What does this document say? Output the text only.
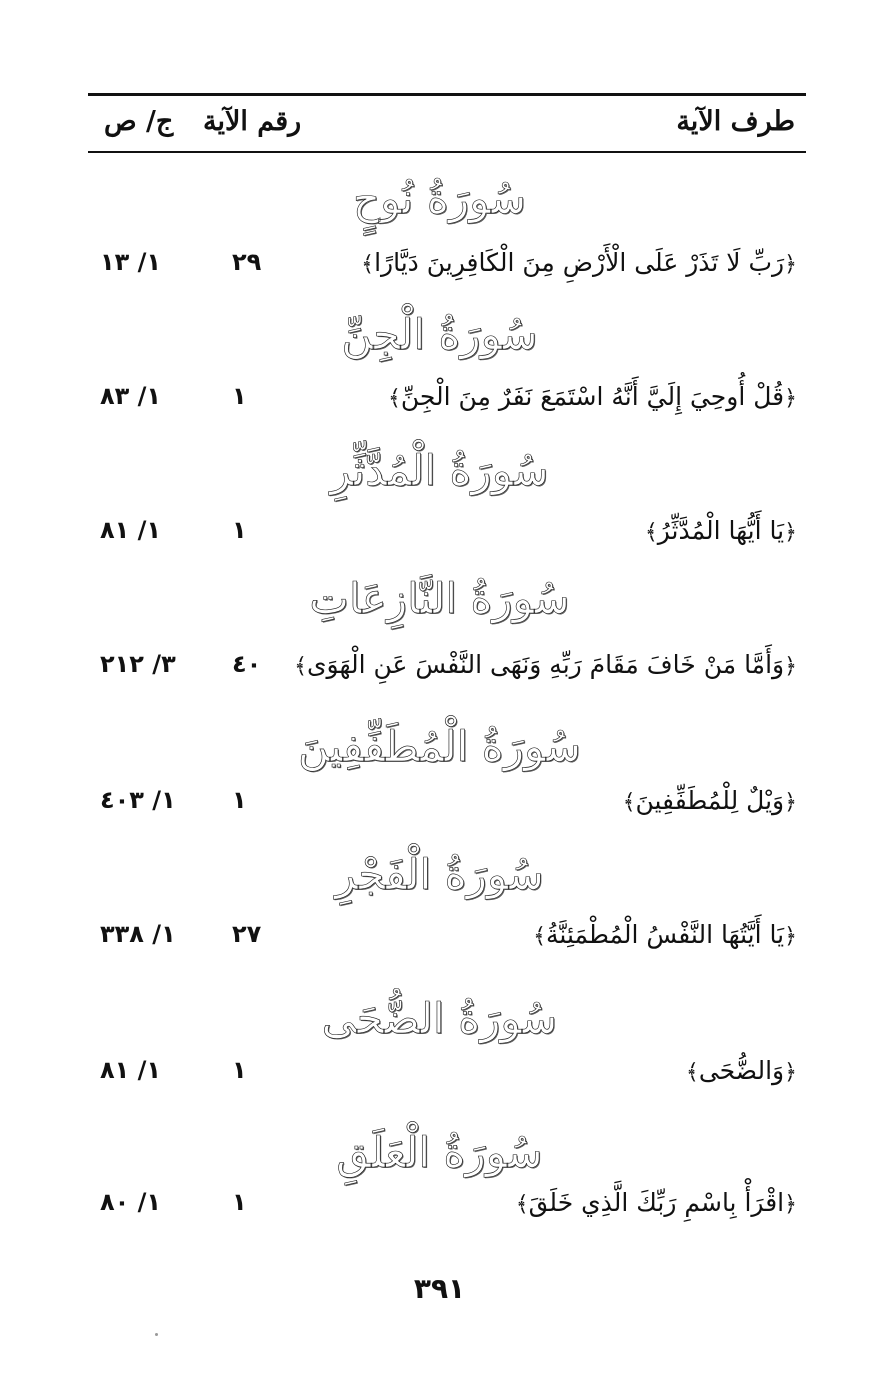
طرف الآية
رقم الآية
ج/ ص
سُورَةُ نُوحٍ
﴿رَبِّ لَا تَذَرْ عَلَى الْأَرْضِ مِنَ الْكَافِرِينَ دَيَّارًا﴾
٢٩
١/ ١٣
سُورَةُ الْجِنِّ
﴿قُلْ أُوحِيَ إِلَيَّ أَنَّهُ اسْتَمَعَ نَفَرٌ مِنَ الْجِنِّ﴾
١
١/ ٨٣
سُورَةُ الْمُدَّثِّرِ
﴿يَا أَيُّهَا الْمُدَّثِّرُ﴾
١
١/ ٨١
سُورَةُ النَّازِعَاتِ
﴿وَأَمَّا مَنْ خَافَ مَقَامَ رَبِّهِ وَنَهَى النَّفْسَ عَنِ الْهَوَى﴾
٤٠
٣/ ٢١٢
سُورَةُ الْمُطَفِّفِينَ
﴿وَيْلٌ لِلْمُطَفِّفِينَ﴾
١
١/ ٤٠٣
سُورَةُ الْفَجْرِ
﴿يَا أَيَّتُهَا النَّفْسُ الْمُطْمَئِنَّةُ﴾
٢٧
١/ ٣٣٨
سُورَةُ الضُّحَى
﴿وَالضُّحَى﴾
١
١/ ٨١
سُورَةُ الْعَلَقِ
﴿اقْرَأْ بِاسْمِ رَبِّكَ الَّذِي خَلَقَ﴾
١
١/ ٨٠
٣٩١
